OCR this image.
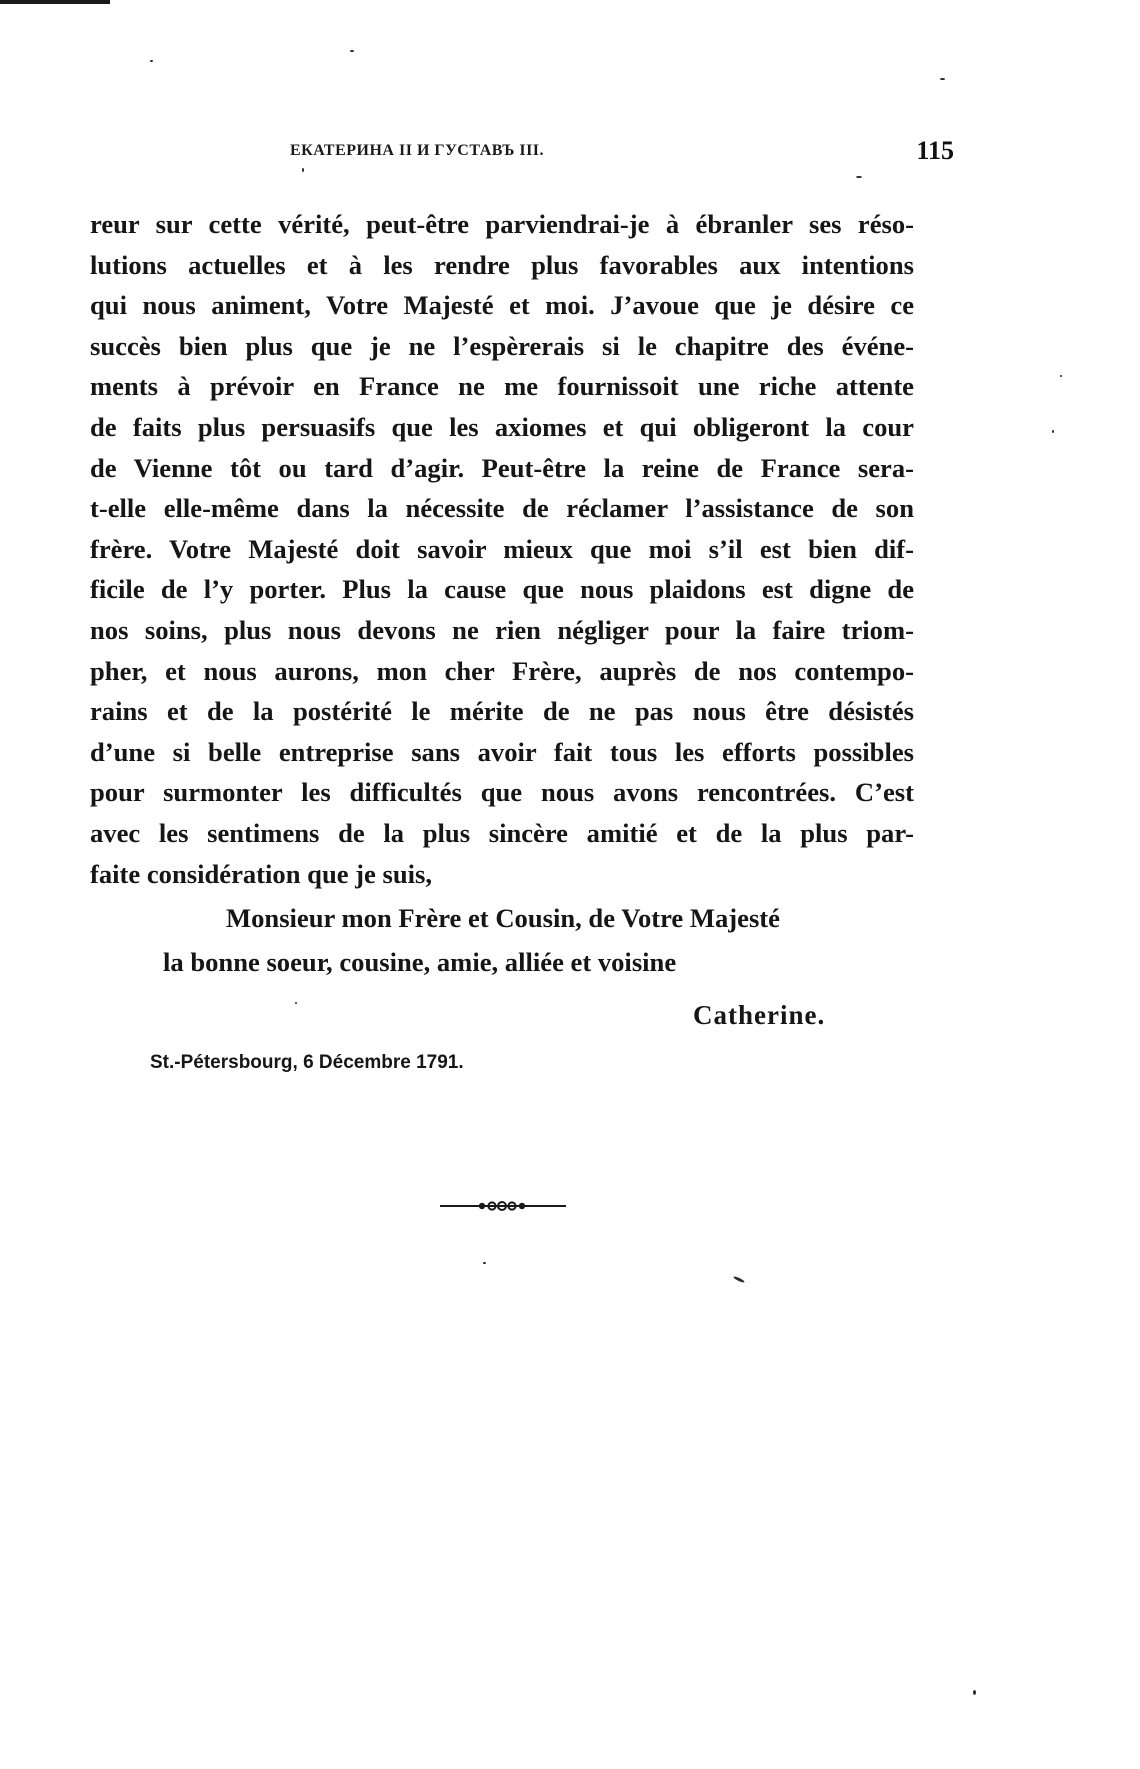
ЕКАТЕРИНА II И ГУСТАВЪ III.	115
reur sur cette vérité, peut-être parviendrai-je à ébranler ses réso-
lutions actuelles et à les rendre plus favorables aux intentions
qui nous animent, Votre Majesté et moi. J’avoue que je désire ce
succès bien plus que je ne l’espèrerais si le chapitre des événe-
ments à prévoir en France ne me fournissoit une riche attente
de faits plus persuasifs que les axiomes et qui obligeront la cour
de Vienne tôt ou tard d’agir. Peut-être la reine de France sera-
t-elle elle-même dans la nécessite de réclamer l’assistance de son
frère. Votre Majesté doit savoir mieux que moi s’il est bien dif-
ficile de l’y porter. Plus la cause que nous plaidons est digne de
nos soins, plus nous devons ne rien négliger pour la faire triom-
pher, et nous aurons, mon cher Frère, auprès de nos contempo-
rains et de la postérité le mérite de ne pas nous être désistés
d’une si belle entreprise sans avoir fait tous les efforts possibles
pour surmonter les difficultés que nous avons rencontrées. C’est
avec les sentimens de la plus sincère amitié et de la plus par-
faite considération que je suis,
Monsieur mon Frère et Cousin, de Votre Majesté
la bonne soeur, cousine, amie, alliée et voisine
Catherine.
St.-Pétersbourg, 6 Décembre 1791.
